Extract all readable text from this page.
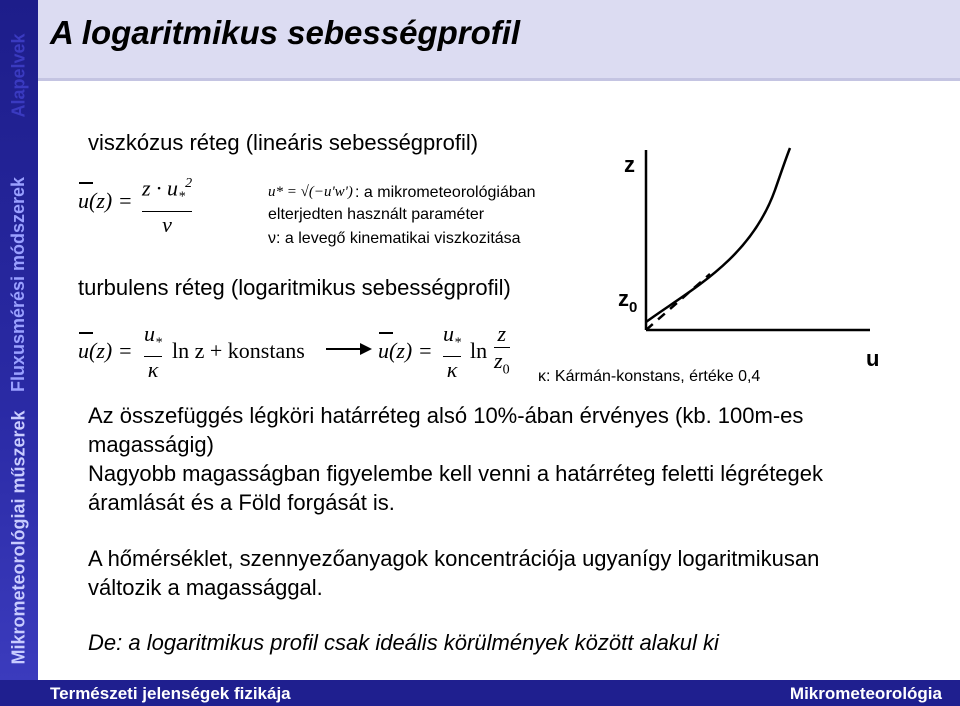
Alapelvek
Fluxusmérési módszerek
Mikrometeorológiai műszerek
A logaritmikus sebességprofil
viszkózus réteg (lineáris sebességprofil)
u(z) =
$z \cdot u_*^2$
ν
u* = √(−u'w') : a mikrometeorológiában
elterjedten használt paraméter
ν: a levegő kinematikai viszkozitása
turbulens réteg (logaritmikus sebességprofil)
u(z) =
$u_*$
κ
ln z + konstans	u(z) =
$u_*$
κ
ln
z
$z_0$ κ: Kármán-konstans, értéke 0,4
z
$z_0$
u
Az összefüggés légköri határréteg alsó 10%-ában érvényes (kb. 100m-es
magasságig)
Nagyobb magasságban figyelembe kell venni a határréteg feletti légrétegek
áramlását és a Föld forgását is.
A hőmérséklet, szennyezőanyagok koncentrációja ugyanígy logaritmikusan
változik a magassággal.
De: a logaritmikus profil csak ideális körülmények között alakul ki
Természeti jelenségek fizikája	Mikrometeorológia
